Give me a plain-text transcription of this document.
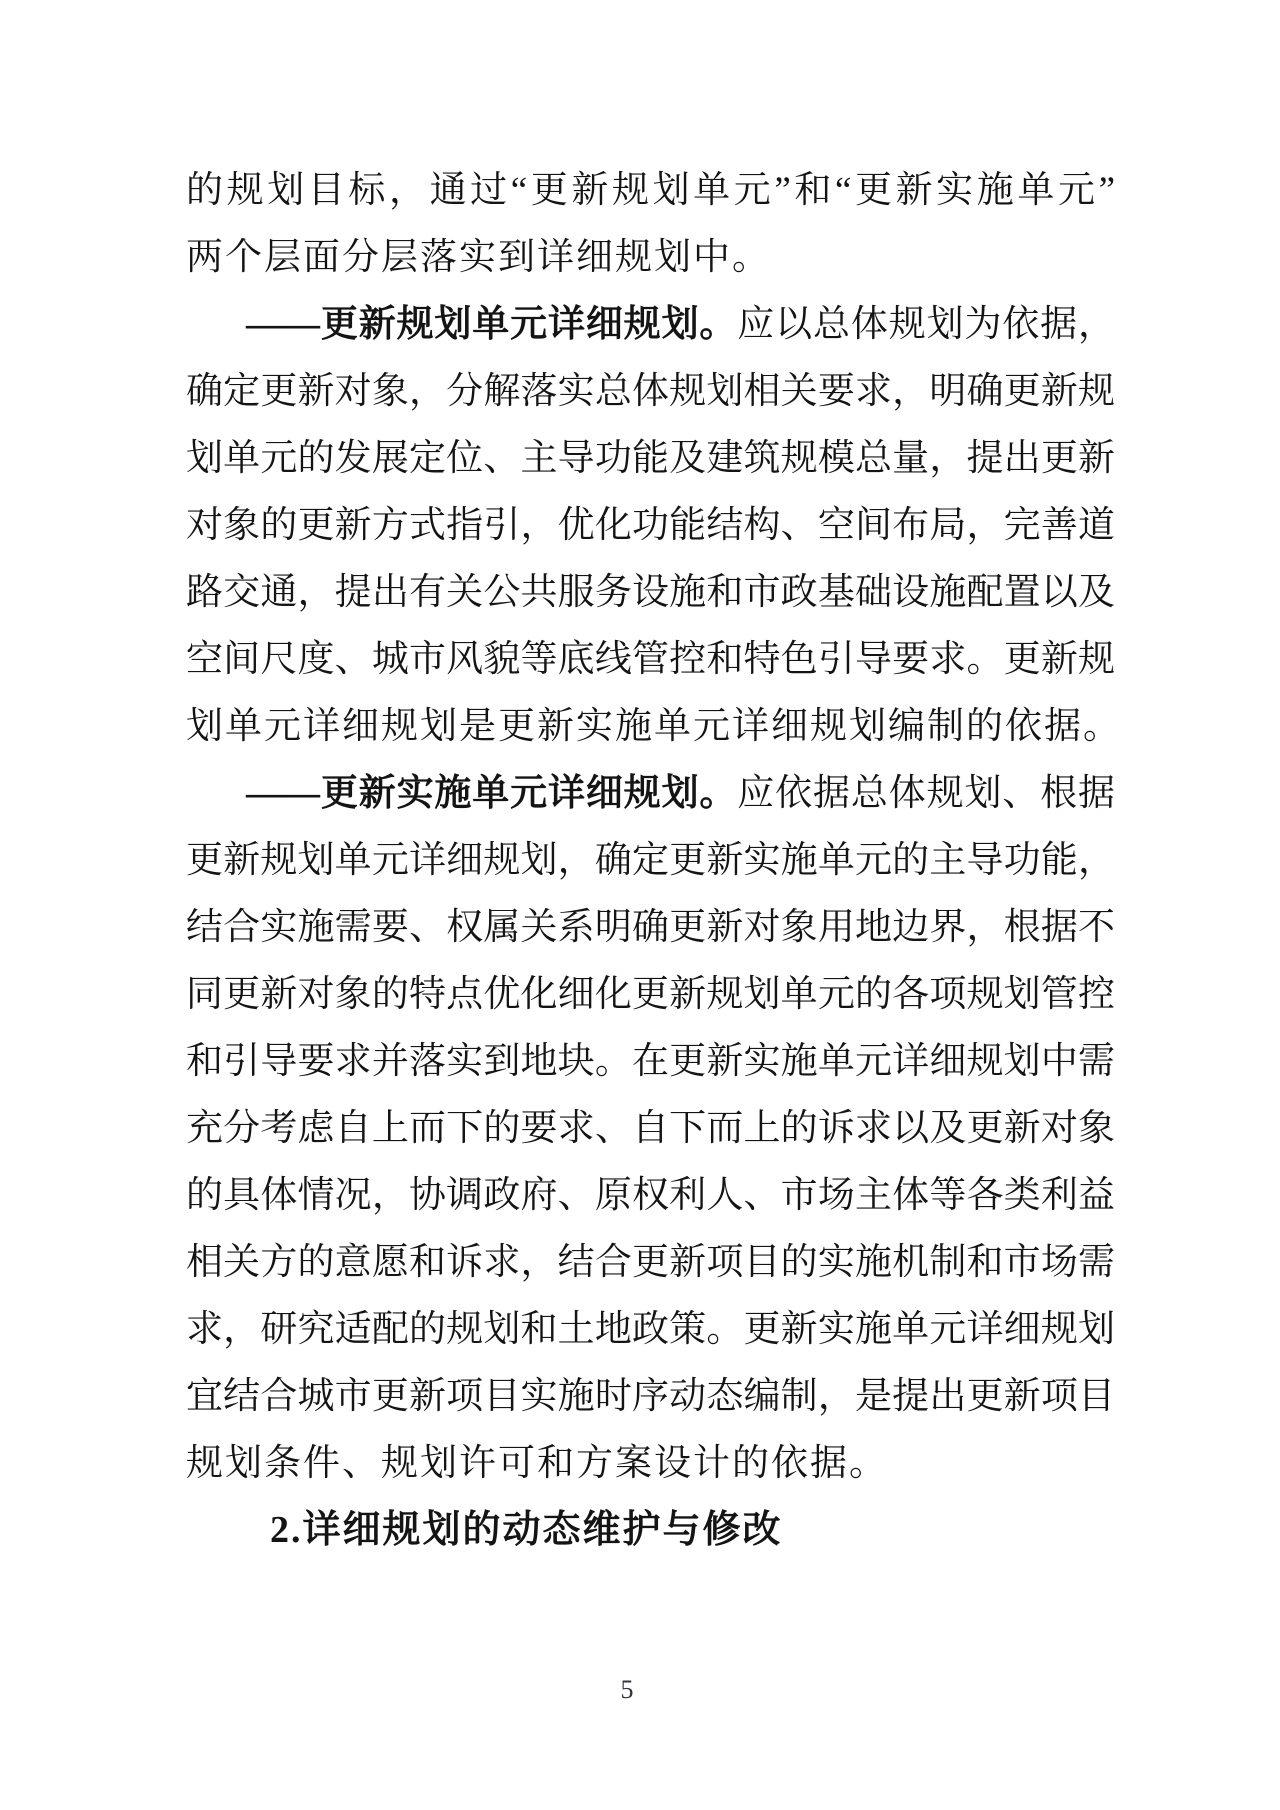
的规划目标，通过“更新规划单元”和“更新实施单元”
两个层面分层落实到详细规划中。
——更新规划单元详细规划。应以总体规划为依据，
确定更新对象，分解落实总体规划相关要求，明确更新规
划单元的发展定位、主导功能及建筑规模总量，提出更新
对象的更新方式指引，优化功能结构、空间布局，完善道
路交通，提出有关公共服务设施和市政基础设施配置以及
空间尺度、城市风貌等底线管控和特色引导要求。更新规
划单元详细规划是更新实施单元详细规划编制的依据。
——更新实施单元详细规划。应依据总体规划、根据
更新规划单元详细规划，确定更新实施单元的主导功能，
结合实施需要、权属关系明确更新对象用地边界，根据不
同更新对象的特点优化细化更新规划单元的各项规划管控
和引导要求并落实到地块。在更新实施单元详细规划中需
充分考虑自上而下的要求、自下而上的诉求以及更新对象
的具体情况，协调政府、原权利人、市场主体等各类利益
相关方的意愿和诉求，结合更新项目的实施机制和市场需
求，研究适配的规划和土地政策。更新实施单元详细规划
宜结合城市更新项目实施时序动态编制，是提出更新项目
规划条件、规划许可和方案设计的依据。
2.详细规划的动态维护与修改
5
